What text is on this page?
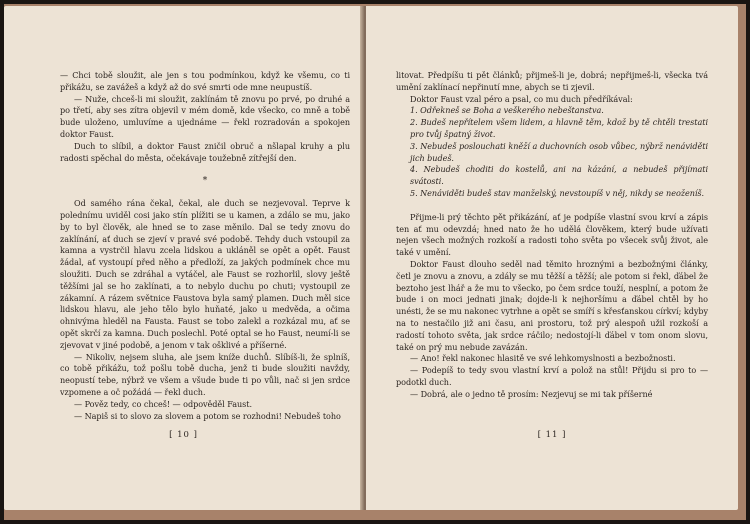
— Chci tobě sloužit, ale jen s tou podmínkou, když ke všemu, co ti přikážu, se zavážeš a když až do své smrti ode mne neupustíš.

— Nuže, chceš-li mi sloužit, zaklínám tě znovu po prvé, po druhé a po třetí, aby ses zítra objevil v mém domě, kde všecko, co mně a tobě bude uloženo, umluvíme a ujednáme — řekl rozradován a spokojen doktor Faust.

Duch to slíbil, a doktor Faust zničil obruč a nšlapal kruhy a plu radosti spěchal do města, očekávaje toužebně zítřejší den.

*

Od samého rána čekal, čekal, ale duch se nezjevoval. Teprve k polednímu uviděl cosi jako stín plížiti se u kamen, a zdálo se mu, jako by to byl člověk, ale hned se to zase měnilo. Dal se tedy znovu do zaklínání, ať duch se zjeví v pravé své podobě. Tehdy duch vstoupil za kamna a vystrčil hlavu zcela lidskou a ukláněl se opět a opět. Faust žádal, ať vystoupí před něho a předloží, za jakých podmínek chce mu sloužiti. Duch se zdráhal a vytáčel, ale Faust se rozhorlil, slovy ještě těžšími jal se ho zaklínati, a to nebylo duchu po chuti; vystoupil ze zákamní. A rázem světnice Faustova byla samý plamen. Duch měl sice lidskou hlavu, ale jeho tělo bylo huňaté, jako u medvěda, a očima ohnivýma hleděl na Fausta. Faust se tobo zalekl a rozkázal mu, ať se opět skrčí za kamna. Duch poslechl. Poté optal se ho Faust, neumí-li se zjevovat v jiné podobě, a jenom v tak ošklivé a příšerné.

— Nikoliv, nejsem sluha, ale jsem kníže duchů. Slíbíš-li, že splníš, co tobě přikážu, tož pošlu tobě ducha, jenž ti bude sloužiti navždy, neopustí tebe, nýbrž ve všem a všude bude ti po vůli, nač si jen srdce vzpomene a oč požádá — řekl duch.

— Pověz tedy, co chceš! — odpověděl Faust.

— Napiš si to slovo za slovem a potom se rozhodni! Nebudeš toho

[ 10 ]

litovat. Předpíšu ti pět článků; přijmeš-li je, dobrá; nepřijmeš-li, všecka tvá umění zaklínací nepřinutí mne, abych se ti zjevil.

Doktor Faust vzal péro a psal, co mu duch předříkával:

1. Odřekneš se Boha a veškerého nebeštanstva.

2. Budeš nepřítelem všem lidem, a hlavně těm, kdož by tě chtěli trestati pro tvůj špatný život.

3. Nebudeš poslouchati kněží a duchovních osob vůbec, nýbrž nenáviděti jich budeš.

4. Nebudeš choditi do kostelů, ani na kázání, a nebudeš přijímati svátosti.

5. Nenáviděti budeš stav manželský, nevstoupíš v něj, nikdy se neoženíš.

Přijme-li prý těchto pět přikázání, ať je podpíše vlastní svou krví a zápis ten ať mu odevzdá; hned nato že ho udělá člověkem, který bude užívati nejen všech možných rozkoší a radosti toho světa po všecek svůj život, ale také v umění.

Doktor Faust dlouho seděl nad těmito hroznými a bezbožnými články, četl je znovu a znovu, a zdály se mu těžší a těžší; ale potom si řekl, ďábel že beztoho jest lhář a že mu to všecko, po čem srdce touží, nesplní, a potom že bude i on moci jednati jinak; dojde-li k nejhoršímu a ďábel chtěl by ho unésti, že se mu nakonec vytrhne a opět se smíří s křesťanskou církví; kdyby na to nestačilo již ani času, ani prostoru, tož prý alespoň užil rozkoší a radostí tohoto světa, jak srdce ráčilo; nedostojí-li ďábel v tom onom slovu, také on prý mu nebude zavázán.

— Ano! řekl nakonec hlasitě ve své lehkomyslnosti a bezbožnosti.

— Podepíš to tedy svou vlastní krví a polož na stůl! Přijdu si pro to — podotkl duch.

— Dobrá, ale o jedno tě prosím: Nezjevuj se mi tak příšerné

[ 11 ]
